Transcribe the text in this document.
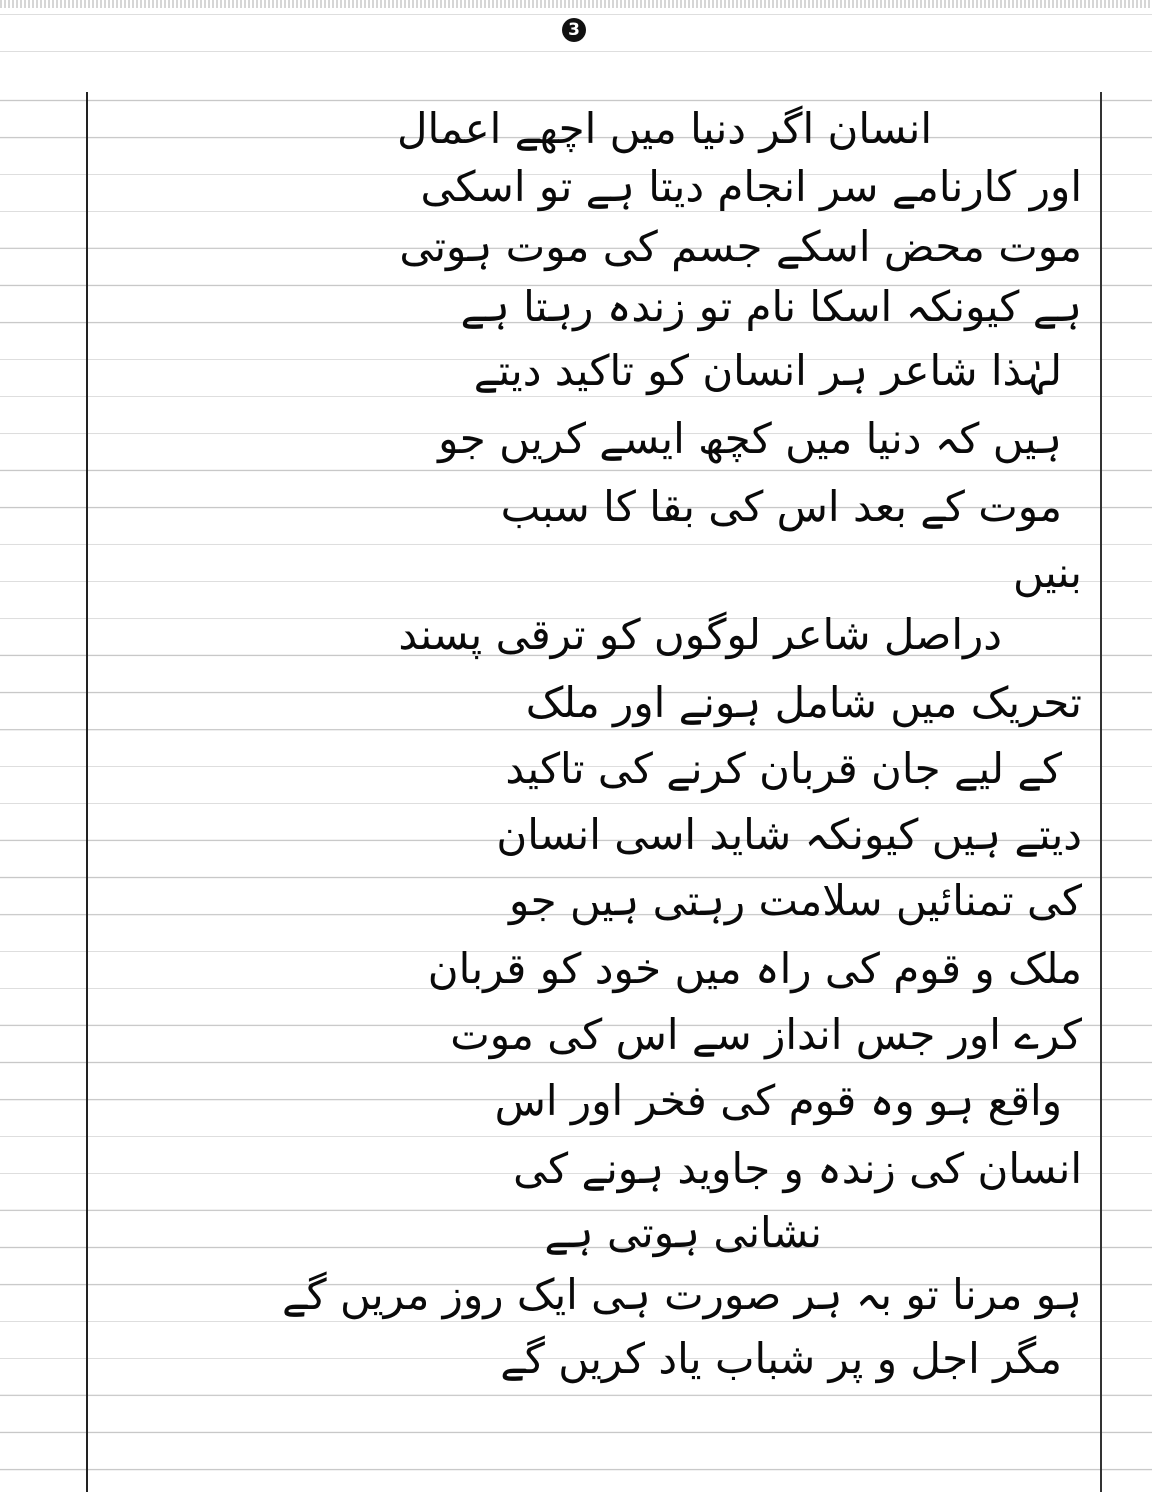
3
انسان اگر دنیا میں اچھے اعمال
اور کارنامے سر انجام دیتا ہے تو اسکی
موت محض اسکے جسم کی موت ہوتی
ہے کیونکہ اسکا نام تو زندہ رہتا ہے
لہٰذا شاعر ہر انسان کو تاکید دیتے
ہیں کہ دنیا میں کچھ ایسے کریں جو
موت کے بعد اس کی بقا کا سبب
بنیں
دراصل شاعر لوگوں کو ترقی پسند
تحریک میں شامل ہونے اور ملک
کے لیے جان قربان کرنے کی تاکید
دیتے ہیں کیونکہ شاید اسی انسان
کی تمنائیں سلامت رہتی ہیں جو
ملک و قوم کی راہ میں خود کو قربان
کرے اور جس انداز سے اس کی موت
واقع ہو وہ قوم کی فخر اور اس
انسان کی زندہ و جاوید ہونے کی
نشانی ہوتی ہے
ہو مرنا تو بہ ہر صورت ہی ایک روز مریں گے
مگر اجل و پر شباب یاد کریں گے
